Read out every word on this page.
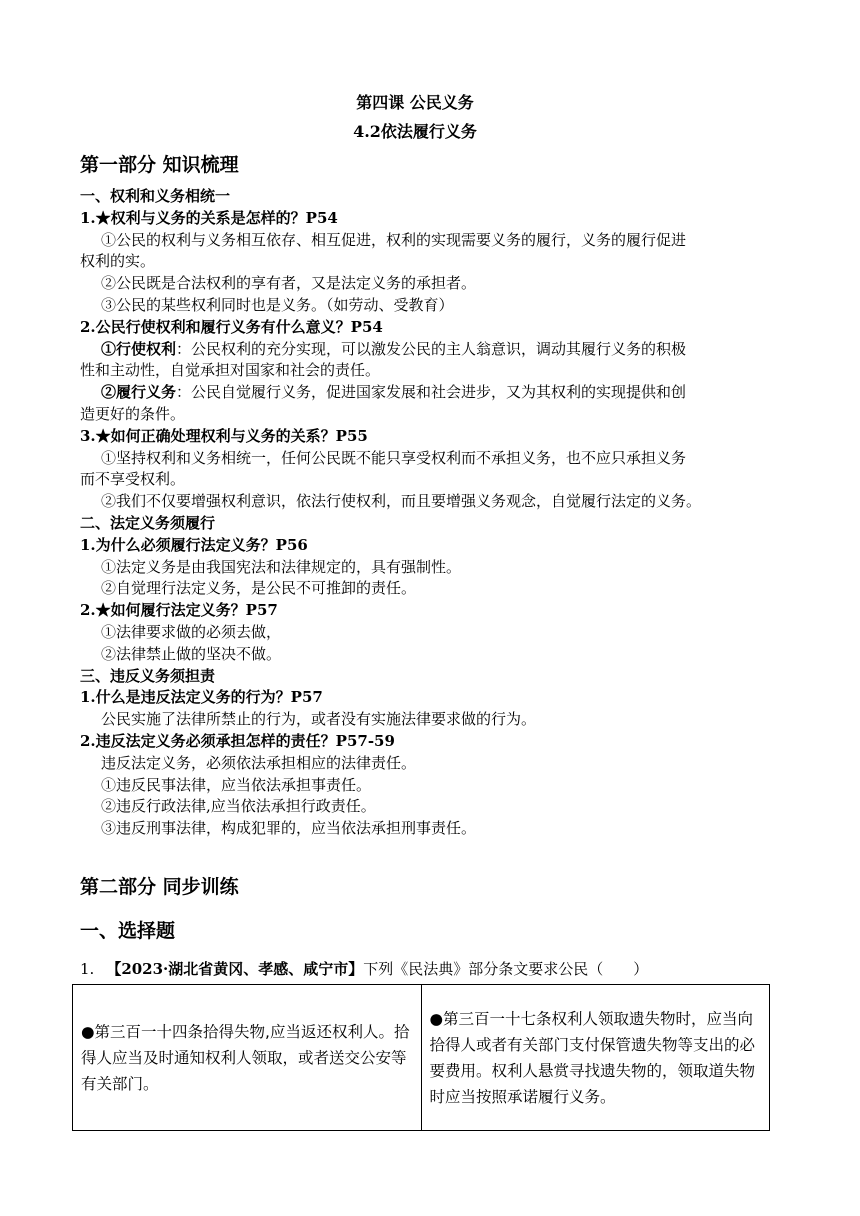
第四课 公民义务
4.2依法履行义务
第一部分 知识梳理
一、权利和义务相统一
1.★权利与义务的关系是怎样的？P54
①公民的权利与义务相互依存、相互促进，权利的实现需要义务的履行，义务的履行促进
权利的实。
②公民既是合法权利的享有者，又是法定义务的承担者。
③公民的某些权利同时也是义务。（如劳动、受教育）
2.公民行使权利和履行义务有什么意义？P54
①行使权利：公民权利的充分实现，可以激发公民的主人翁意识，调动其履行义务的积极
性和主动性，自觉承担对国家和社会的责任。
②履行义务：公民自觉履行义务，促进国家发展和社会进步，又为其权利的实现提供和创
造更好的条件。
3.★如何正确处理权利与义务的关系？P55
①坚持权利和义务相统一，任何公民既不能只享受权利而不承担义务，也不应只承担义务
而不享受权利。
②我们不仅要增强权利意识，依法行使权利，而且要增强义务观念，自觉履行法定的义务。
二、法定义务须履行
1.为什么必须履行法定义务？P56
①法定义务是由我国宪法和法律规定的，具有强制性。
②自觉理行法定义务，是公民不可推卸的责任。
2.★如何履行法定义务？P57
①法律要求做的必须去做，
②法律禁止做的坚决不做。
三、违反义务须担责
1.什么是违反法定义务的行为？P57
公民实施了法律所禁止的行为，或者没有实施法律要求做的行为。
2.违反法定义务必须承担怎样的责任？P57-59
违反法定义务，必须依法承担相应的法律责任。
①违反民事法律，应当依法承担事责任。
②违反行政法律,应当依法承担行政责任。
③违反刑事法律，构成犯罪的，应当依法承担刑事责任。
第二部分 同步训练
一、选择题
1. 【2023·湖北省黄冈、孝感、咸宁市】下列《民法典》部分条文要求公民（　　）
●第三百一十四条拾得失物,应当返还权利人。拾得人应当及时通知权利人领取，或者送交公安等有关部门。	●第三百一十七条权利人领取遗失物时，应当向拾得人或者有关部门支付保管遗失物等支出的必要费用。权利人悬赏寻找遗失物的，领取道失物时应当按照承诺履行义务。
